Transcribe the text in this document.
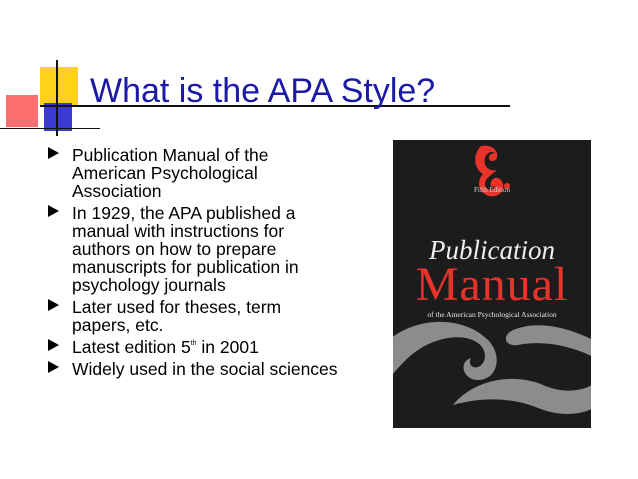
What is the APA Style?
Publication Manual of the American Psychological Association
In 1929, the APA published a manual with instructions for authors on how to prepare manuscripts for publication in psychology journals
Later used for theses, term papers, etc.
Latest edition 5th in 2001
Widely used in the social sciences
Fifth Edition
Publication
Manual
of the American Psychological Association
